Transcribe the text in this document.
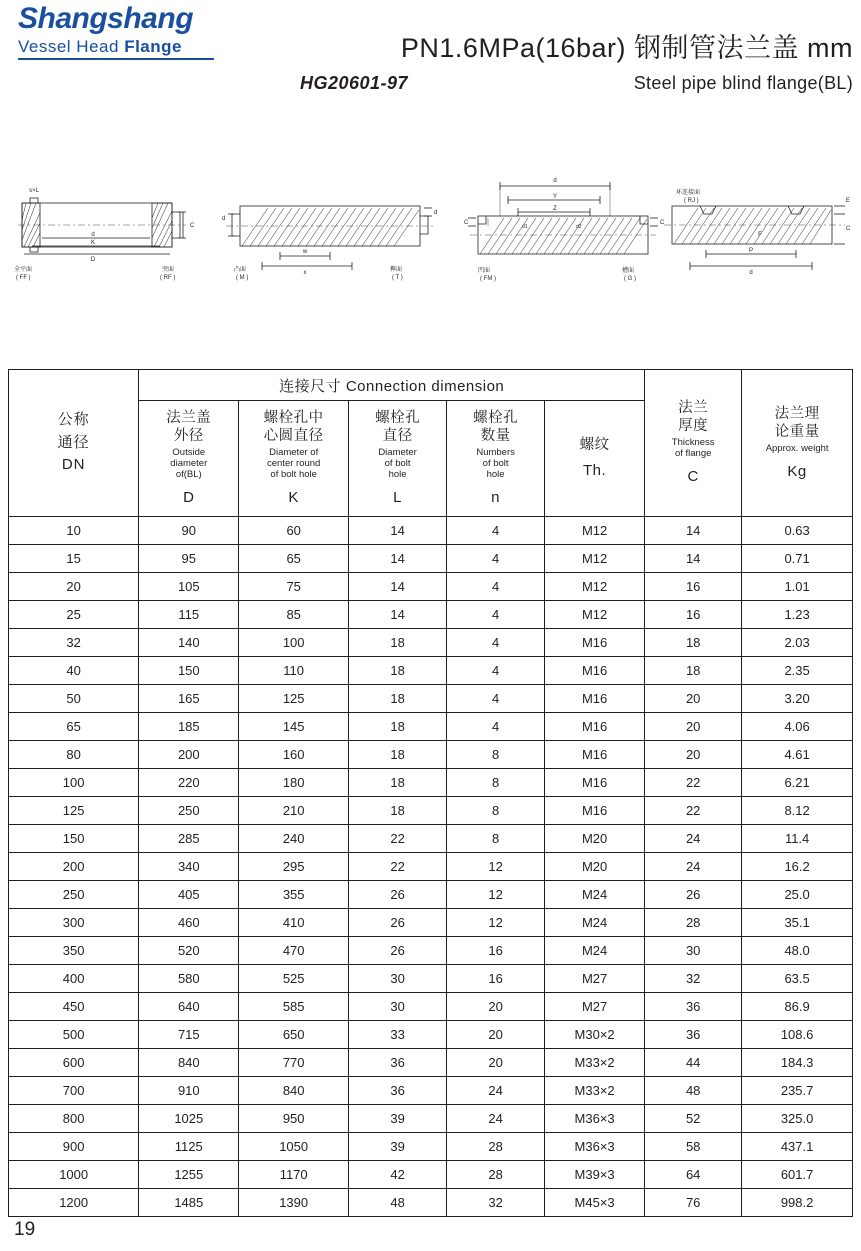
Shangshang
Vessel Head Flange	PN1.6MPa(16bar) 钢制管法兰盖 mm
HG20601-97	Steel pipe blind flange(BL)
d
K
D
C
s×L
全平面
( FF )
突面
( RF )
w
x
d
d
凸面
( M )
榫面
( T )
d
Y
Z
d1	d2
C	C
凹面
( FM )
槽面
( G )
E
C
P
d
F
环连接面
( RJ )
公称
通径
DN
	连接尺寸 Connection dimension	
法兰
厚度
Thickness
of flange
C

法兰理
论重量
Approx. weight
Kg

法兰盖
外径
Outside
diameter
of(BL)
D

螺栓孔中
心圆直径
Diameter of
center round
of bolt hole
K

螺栓孔
直径
Diameter
of bolt
hole
L

螺栓孔
数量
Numbers
of bolt
hole
n

螺纹
Th.

10	90	60	14	4	M12	14	0.63
15	95	65	14	4	M12	14	0.71
20	105	75	14	4	M12	16	1.01
25	115	85	14	4	M12	16	1.23
32	140	100	18	4	M16	18	2.03
40	150	110	18	4	M16	18	2.35
50	165	125	18	4	M16	20	3.20
65	185	145	18	4	M16	20	4.06
80	200	160	18	8	M16	20	4.61
100	220	180	18	8	M16	22	6.21
125	250	210	18	8	M16	22	8.12
150	285	240	22	8	M20	24	11.4
200	340	295	22	12	M20	24	16.2
250	405	355	26	12	M24	26	25.0
300	460	410	26	12	M24	28	35.1
350	520	470	26	16	M24	30	48.0
400	580	525	30	16	M27	32	63.5
450	640	585	30	20	M27	36	86.9
500	715	650	33	20	M30×2	36	108.6
600	840	770	36	20	M33×2	44	184.3
700	910	840	36	24	M33×2	48	235.7
800	1025	950	39	24	M36×3	52	325.0
900	1125	1050	39	28	M36×3	58	437.1
1000	1255	1170	42	28	M39×3	64	601.7
1200	1485	1390	48	32	M45×3	76	998.2
19
